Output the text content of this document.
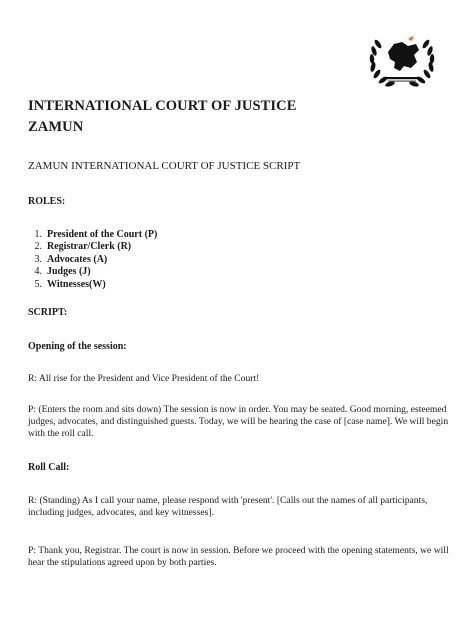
INTERNATIONAL COURT OF JUSTICE
ZAMUN
ZAMUN INTERNATIONAL COURT OF JUSTICE SCRIPT
ROLES:
1. President of the Court (P)
2. Registrar/Clerk (R)
3. Advocates (A)
4. Judges (J)
5. Witnesses(W)
SCRIPT:
Opening of the session:

R: All rise for the President and Vice President of the Court!

P: (Enters the room and sits down) The session is now in order. You may be seated. Good morning, esteemed judges, advocates, and distinguished guests. Today, we will be hearing the case of [case name]. We will begin with the roll call.

Roll Call:

R: (Standing) As I call your name, please respond with 'present'. [Calls out the names of all participants, including judges, advocates, and key witnesses].

P: Thank you, Registrar. The court is now in session. Before we proceed with the opening statements, we will hear the stipulations agreed upon by both parties.
